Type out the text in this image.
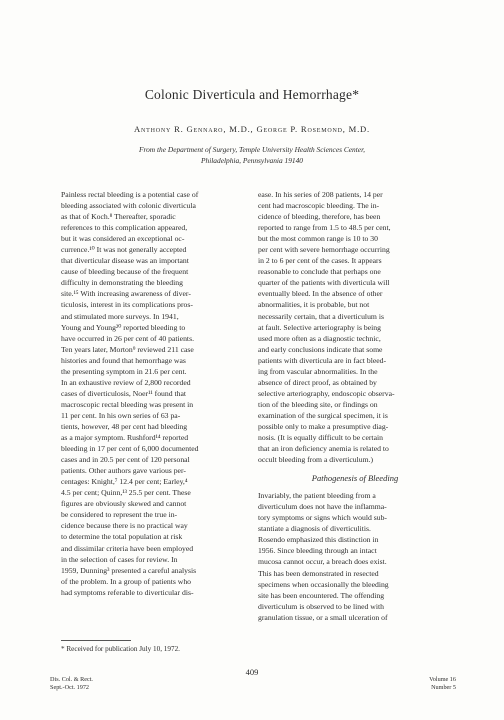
Colonic Diverticula and Hemorrhage*
Anthony R. Gennaro, M.D., George P. Rosemond, M.D.
From the Department of Surgery, Temple University Health Sciences Center,
Philadelphia, Pennsylvania 19140
Painless rectal bleeding is a potential case of
bleeding associated with colonic diverticula
as that of Koch.⁸ Thereafter, sporadic
references to this complication appeared,
but it was considered an exceptional oc-
currence.¹⁰ It was not generally accepted
that diverticular disease was an important
cause of bleeding because of the frequent
difficulty in demonstrating the bleeding
site.¹⁵ With increasing awareness of diver-
ticulosis, interest in its complications pros-
and stimulated more surveys. In 1941,
Young and Young²⁰ reported bleeding to
have occurred in 26 per cent of 40 patients.
Ten years later, Morton⁹ reviewed 211 case
histories and found that hemorrhage was
the presenting symptom in 21.6 per cent.
In an exhaustive review of 2,800 recorded
cases of diverticulosis, Noer¹¹ found that
macroscopic rectal bleeding was present in
11 per cent. In his own series of 63 pa-
tients, however, 48 per cent had bleeding
as a major symptom. Rushford¹⁴ reported
bleeding in 17 per cent of 6,000 documented
cases and in 20.5 per cent of 120 personal
patients. Other authors gave various per-
centages: Knight,⁷ 12.4 per cent; Earley,⁴
4.5 per cent; Quinn,¹³ 25.5 per cent. These
figures are obviously skewed and cannot
be considered to represent the true in-
cidence because there is no practical way
to determine the total population at risk
and dissimilar criteria have been employed
in the selection of cases for review. In
1959, Dunning³ presented a careful analysis
of the problem. In a group of patients who
had symptoms referable to diverticular dis-
ease. In his series of 208 patients, 14 per
cent had macroscopic bleeding. The in-
cidence of bleeding, therefore, has been
reported to range from 1.5 to 48.5 per cent,
but the most common range is 10 to 30
per cent with severe hemorrhage occurring
in 2 to 6 per cent of the cases. It appears
reasonable to conclude that perhaps one
quarter of the patients with diverticula will
eventually bleed. In the absence of other
abnormalities, it is probable, but not
necessarily certain, that a diverticulum is
at fault. Selective arteriography is being
used more often as a diagnostic technic,
and early conclusions indicate that some
patients with diverticula are in fact bleed-
ing from vascular abnormalities. In the
absence of direct proof, as obtained by
selective arteriography, endoscopic observa-
tion of the bleeding site, or findings on
examination of the surgical specimen, it is
possible only to make a presumptive diag-
nosis. (It is equally difficult to be certain
that an iron deficiency anemia is related to
occult bleeding from a diverticulum.)
Pathogenesis of Bleeding
Invariably, the patient bleeding from a
diverticulum does not have the inflamma-
tory symptoms or signs which would sub-
stantiate a diagnosis of diverticulitis.
Rosendo emphasized this distinction in
1956. Since bleeding through an intact
mucosa cannot occur, a breach does exist.
This has been demonstrated in resected
specimens when occasionally the bleeding
site has been encountered. The offending
diverticulum is observed to be lined with
granulation tissue, or a small ulceration of
* Received for publication July 10, 1972.
409
Dis. Col. & Rect.
Sept.-Oct. 1972
Volume 16
Number 5
